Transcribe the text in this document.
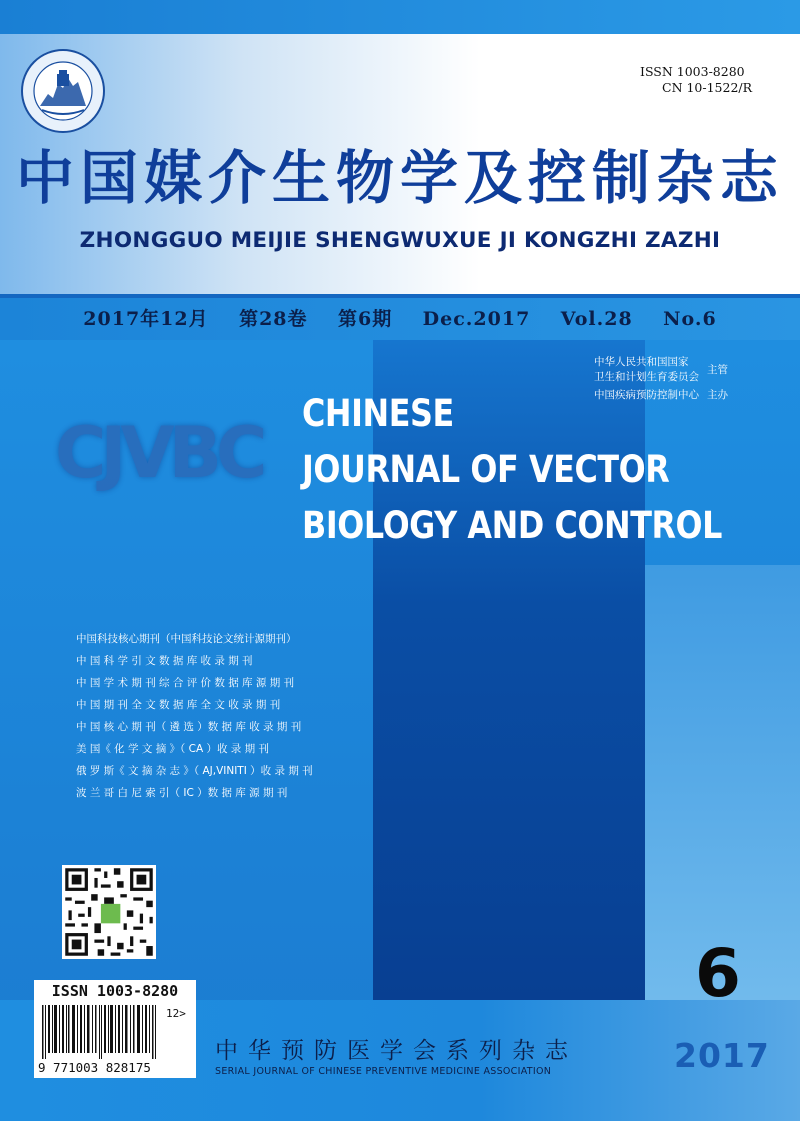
ISSN 1003-8280
CN 10-1522/R
中国媒介生物学及控制杂志
ZHONGGUO MEIJIE SHENGWUXUE JI KONGZHI ZAZHI
2017年12月    第28卷    第6期    Dec.2017    Vol.28    No.6
CJVBC CHINESE
JOURNAL OF VECTOR
BIOLOGY AND CONTROL
中华人民共和国国家
卫生和计划生育委员会
主管
中国疾病预防控制中心 主办
中国科技核心期刊（中国科技论文统计源期刊）
中 国 科 学 引 文 数 据 库 收 录 期 刊
中 国 学 术 期 刊 综 合 评 价 数 据 库 源 期 刊
中 国 期 刊 全 文 数 据 库 全 文 收 录 期 刊
中 国 核 心 期 刊（ 遴 选 ）数 据 库 收 录 期 刊
美 国《 化 学 文 摘 》（ CA ）收 录 期 刊
俄 罗 斯《 文 摘 杂 志 》（ AJ,VINITI ）收 录 期 刊
波 兰 哥 白 尼 索 引（ IC ）数 据 库 源 期 刊
ISSN 1003-8280
12>
9 771003 828175
6
2017
中华预防医学会系列杂志
SERIAL JOURNAL OF CHINESE PREVENTIVE MEDICINE ASSOCIATION
